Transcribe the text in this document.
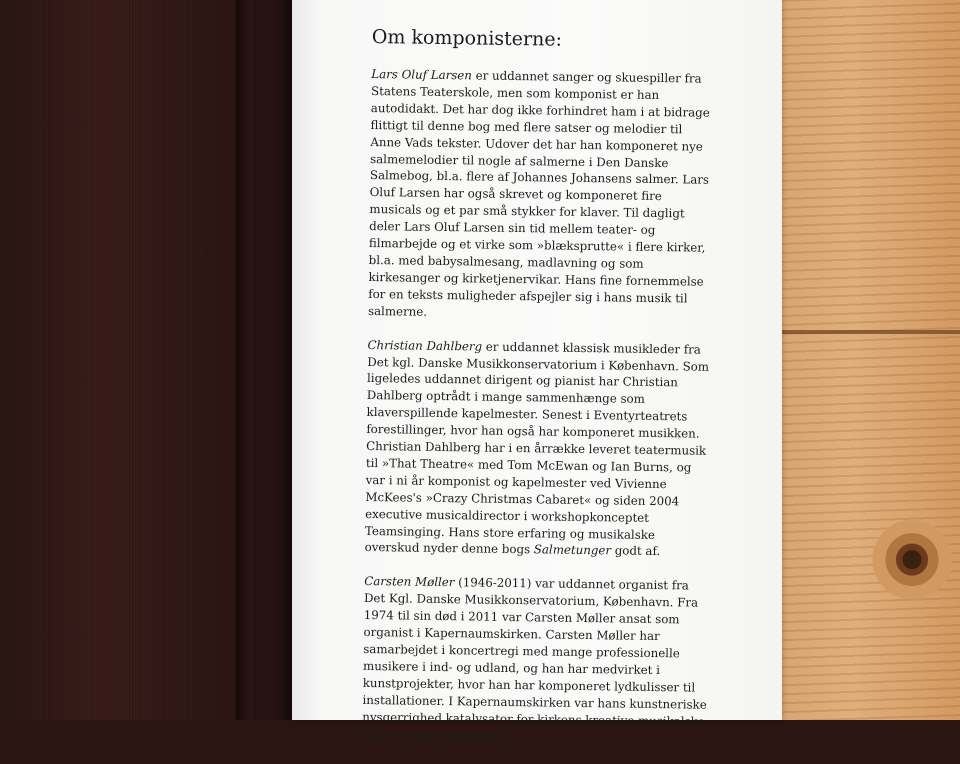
Om komponisterne:

Lars Oluf Larsen er uddannet sanger og skuespiller fra Statens Teaterskole, men som komponist er han autodidakt. Det har dog ikke forhindret ham i at bidrage flittigt til denne bog med flere satser og melodier til Anne Vads tekster. Udover det har han komponeret nye salmemelodier til nogle af salmerne i Den Danske Salmebog, bl.a. flere af Johannes Johansens salmer. Lars Oluf Larsen har også skrevet og komponeret fire musicals og et par små stykker for klaver. Til dagligt deler Lars Oluf Larsen sin tid mellem teater- og filmarbejde og et virke som »blæksprutte« i flere kirker, bl.a. med babysalmesang, madlavning og som kirkesanger og kirketjenervikar. Hans fine fornemmelse for en teksts muligheder afspejler sig i hans musik til salmerne.

Christian Dahlberg er uddannet klassisk musikleder fra Det kgl. Danske Musikkonservatorium i København. Som ligeledes uddannet dirigent og pianist har Christian Dahlberg optrådt i mange sammenhænge som klaverspillende kapelmester. Senest i Eventyrteatrets forestillinger, hvor han også har komponeret musikken. Christian Dahlberg har i en årrække leveret teatermusik til »That Theatre« med Tom McEwan og Ian Burns, og var i ni år komponist og kapelmester ved Vivienne McKees's »Crazy Christmas Cabaret« og siden 2004 executive musicaldirector i workshopkonceptet Teamsinging. Hans store erfaring og musikalske overskud nyder denne bogs Salmetunger godt af.

Carsten Møller (1946-2011) var uddannet organist fra Det Kgl. Danske Musikkonservatorium, København. Fra 1974 til sin død i 2011 var Carsten Møller ansat som organist i Kapernaumskirken. Carsten Møller har samarbejdet i koncertregi med mange professionelle musikere i ind- og udland, og han har medvirket i kunstprojekter, hvor han har komponeret lydkulisser til installationer. I Kapernaumskirken var hans kunstneriske nysgerrighed katalysator for kirkens kreative musikalske miljø, hvilket hans egne
